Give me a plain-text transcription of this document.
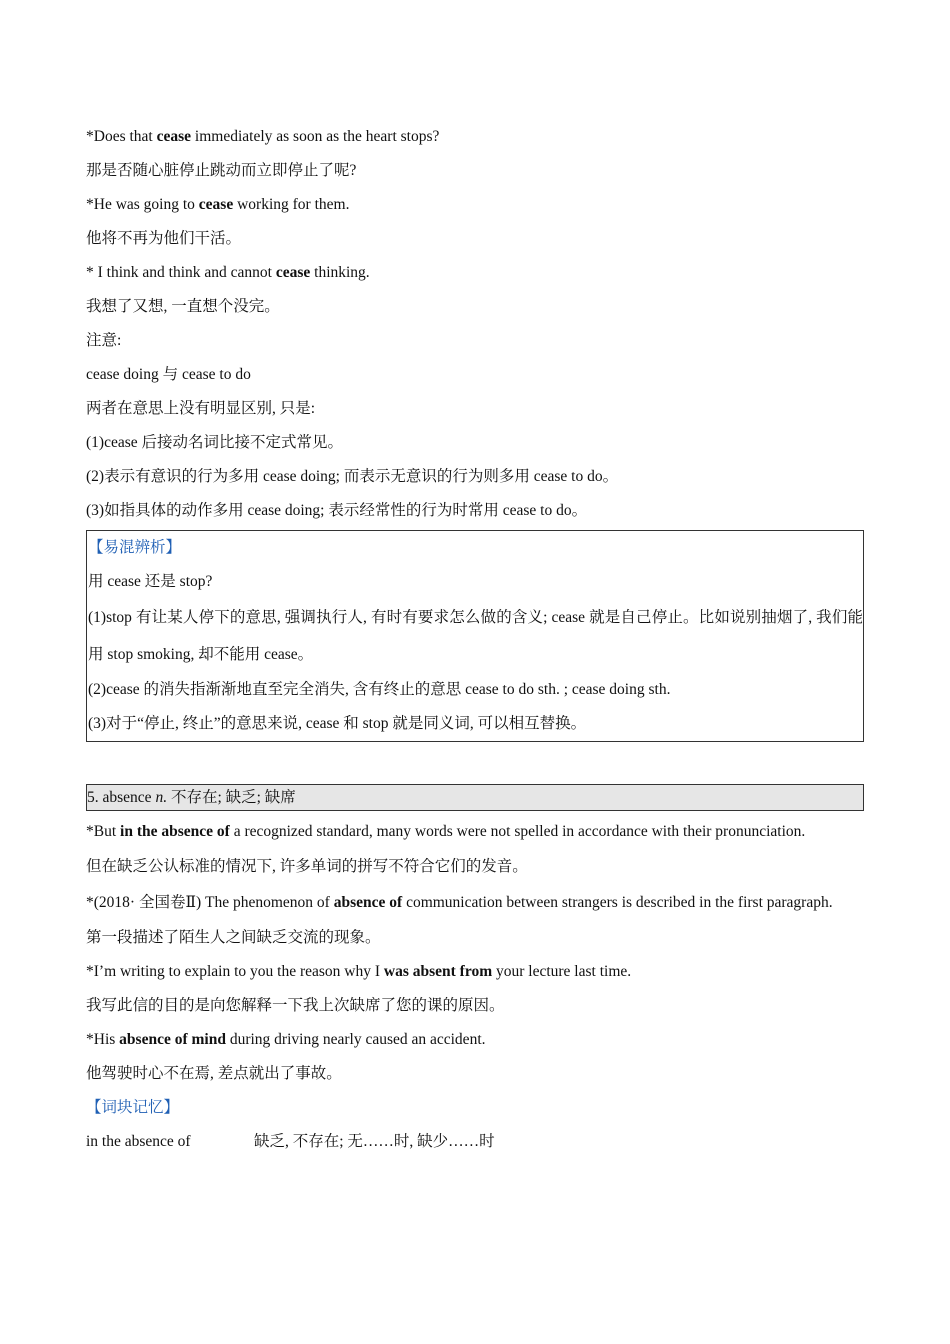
*Does that cease immediately as soon as the heart stops?
那是否随心脏停止跳动而立即停止了呢?
*He was going to cease working for them.
他将不再为他们干活。
* I think and think and cannot cease thinking.
我想了又想, 一直想个没完。
注意:
cease doing 与 cease to do
两者在意思上没有明显区别, 只是:
(1)cease 后接动名词比接不定式常见。
(2)表示有意识的行为多用 cease doing; 而表示无意识的行为则多用 cease to do。
(3)如指具体的动作多用 cease doing; 表示经常性的行为时常用 cease to do。
【易混辨析】
用 cease 还是 stop?
(1)stop 有让某人停下的意思, 强调执行人, 有时有要求怎么做的含义; cease 就是自己停止。比如说别抽烟了, 我们能用 stop smoking, 却不能用 cease。
(2)cease 的消失指渐渐地直至完全消失, 含有终止的意思 cease to do sth. ; cease doing sth.
(3)对于“停止, 终止”的意思来说, cease 和 stop 就是同义词, 可以相互替换。
5. absence n. 不存在; 缺乏; 缺席
*But in the absence of a recognized standard, many words were not spelled in accordance with their pronunciation.
但在缺乏公认标准的情况下, 许多单词的拼写不符合它们的发音。
*(2018· 全国卷Ⅱ) The phenomenon of absence of communication between strangers is described in the first paragraph.
第一段描述了陌生人之间缺乏交流的现象。
*I’m writing to explain to you the reason why I was absent from your lecture last time.
我写此信的目的是向您解释一下我上次缺席了您的课的原因。
*His absence of mind during driving nearly caused an accident.
他驾驶时心不在焉, 差点就出了事故。
【词块记忆】
in the absence of	缺乏, 不存在; 无……时, 缺少……时
